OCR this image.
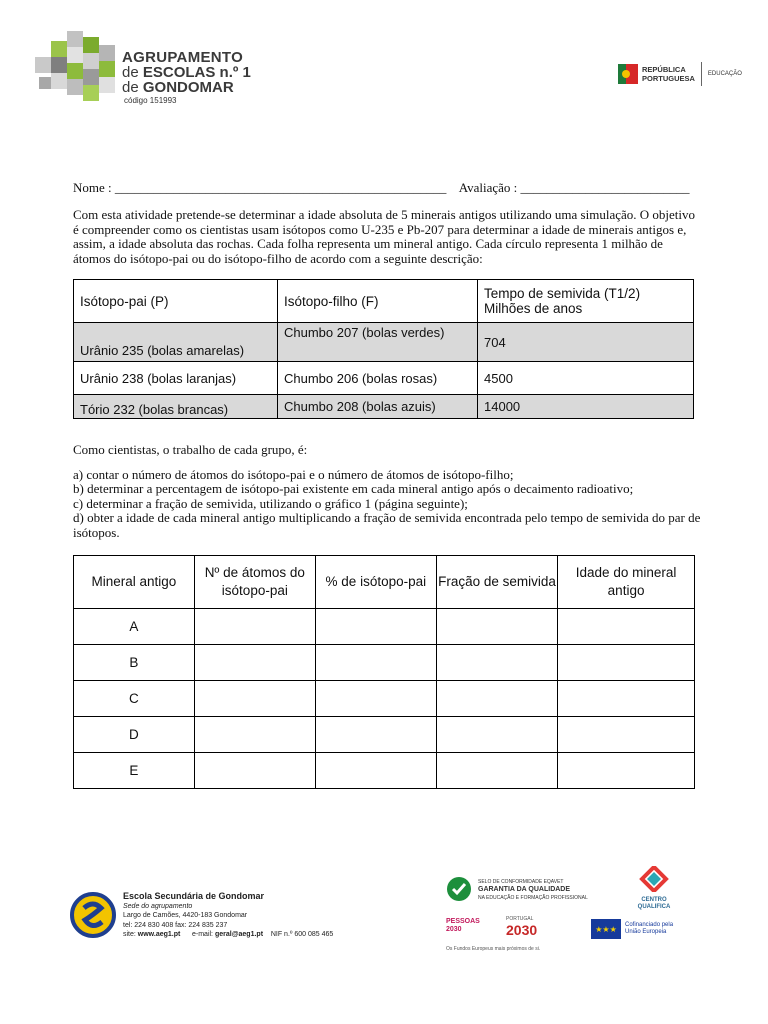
AGRUPAMENTO
de ESCOLAS n.º 1
de GONDOMAR
código 151993
REPÚBLICA
PORTUGUESA EDUCAÇÃO
Nome : ___________________________________________________ Avaliação : __________________________
Com esta atividade pretende-se determinar a idade absoluta de 5 minerais antigos utilizando uma simulação. O objetivo é compreender como os cientistas usam isótopos como U-235 e Pb-207 para determinar a idade de minerais antigos e, assim, a idade absoluta das rochas. Cada folha representa um mineral antigo. Cada círculo representa 1 milhão de átomos do isótopo-pai ou do isótopo-filho de acordo com a seguinte descrição:
Isótopo-pai (P)	Isótopo-filho (F)	Tempo de semivida (T1/2)
Milhões de anos

Urânio 235 (bolas amarelas)	Chumbo 207 (bolas verdes)	704
Urânio 238 (bolas laranjas)	Chumbo 206 (bolas rosas)	4500
Tório 232 (bolas brancas)	Chumbo 208 (bolas azuis)	14000

Como cientistas, o trabalho de cada grupo, é:

a) contar o número de átomos do isótopo-pai e o número de átomos de isótopo-filho;

b) determinar a percentagem de isótopo-pai existente em cada mineral antigo após o decaimento radioativo;

c) determinar a fração de semivida, utilizando o gráfico 1 (página seguinte);

d) obter a idade de cada mineral antigo multiplicando a fração de semivida encontrada pelo tempo de semivida do par de isótopos.

Mineral antigo	Nº de átomos do isótopo-pai	% de isótopo-pai	Fração de semivida	Idade do mineral antigo
A				
B				
C				
D				
E				
Escola Secundária de Gondomar
Sede do agrupamento
Largo de Camões, 4420-183 Gondomar
tel: 224 830 408 fax: 224 835 237
site: www.aeg1.pt e-mail: geral@aeg1.pt NIF n.º 600 085 465
SELO DE CONFORMIDADE EQAVET
GARANTIA DA QUALIDADE
NA EDUCAÇÃO E FORMAÇÃO PROFISSIONAL	CENTRO
QUALIFICA
PESSOAS
2030
PORTUGAL
2030	★★★	Cofinanciado pela
União Europeia
Os Fundos Europeus mais próximos de si.
